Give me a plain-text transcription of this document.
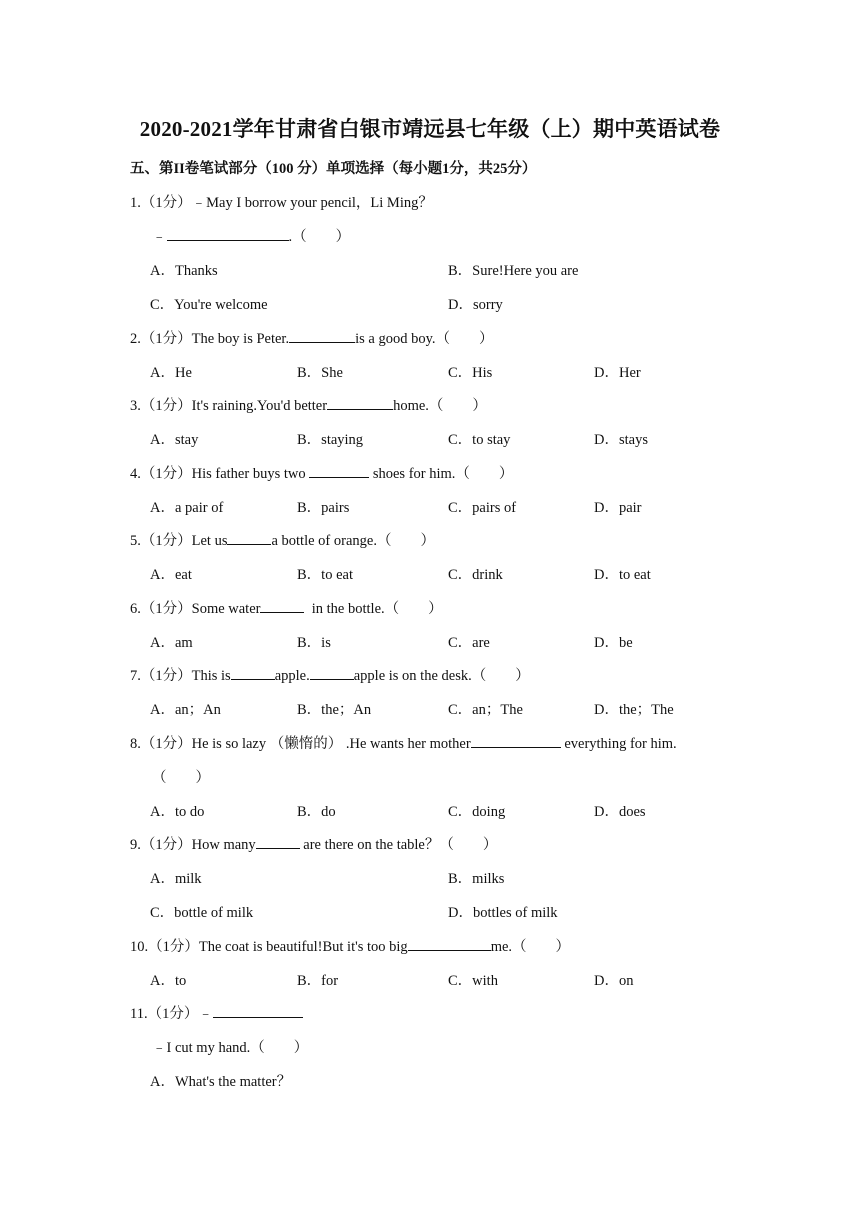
2020-2021学年甘肃省白银市靖远县七年级（上）期中英语试卷
五、第II卷笔试部分（100 分）单项选择（每小题1分，共25分）
1.（1分）﹣May I borrow your pencil，Li Ming？
﹣	.（　　）
A．Thanks	B．Sure!Here you are
C．You're welcome	D．sorry
2.（1分）The boy is Peter.	is a good boy.（　　）
A．He	B．She	C．His	D．Her
3.（1分）It's raining.You'd better	home.（　　）
A．stay	B．staying	C．to stay	D．stays
4.（1分）His father buys two	shoes for him.（　　）
A．a pair of	B．pairs	C．pairs of	D．pair
5.（1分）Let us	a bottle of orange.（　　）
A．eat	B．to eat	C．drink	D．to eat
6.（1分）Some water	in the bottle.（　　）
A．am	B．is	C．are	D．be
7.（1分）This is	apple.	apple is on the desk.（　　）
A．an；An	B．the；An	C．an；The	D．the；The
8.（1分）He is so lazy （懒惰的） .He wants her mother	everything for him.
（　　）
A．to do	B．do	C．doing	D．does
9.（1分）How many	are there on the table？（　　）
A．milk	B．milks
C．bottle of milk	D．bottles of milk
10.（1分）The coat is beautiful!But it's too big	me.（　　）
A．to	B．for	C．with	D．on
11.（1分）﹣
﹣I cut my hand.（　　）
A．What's the matter？
